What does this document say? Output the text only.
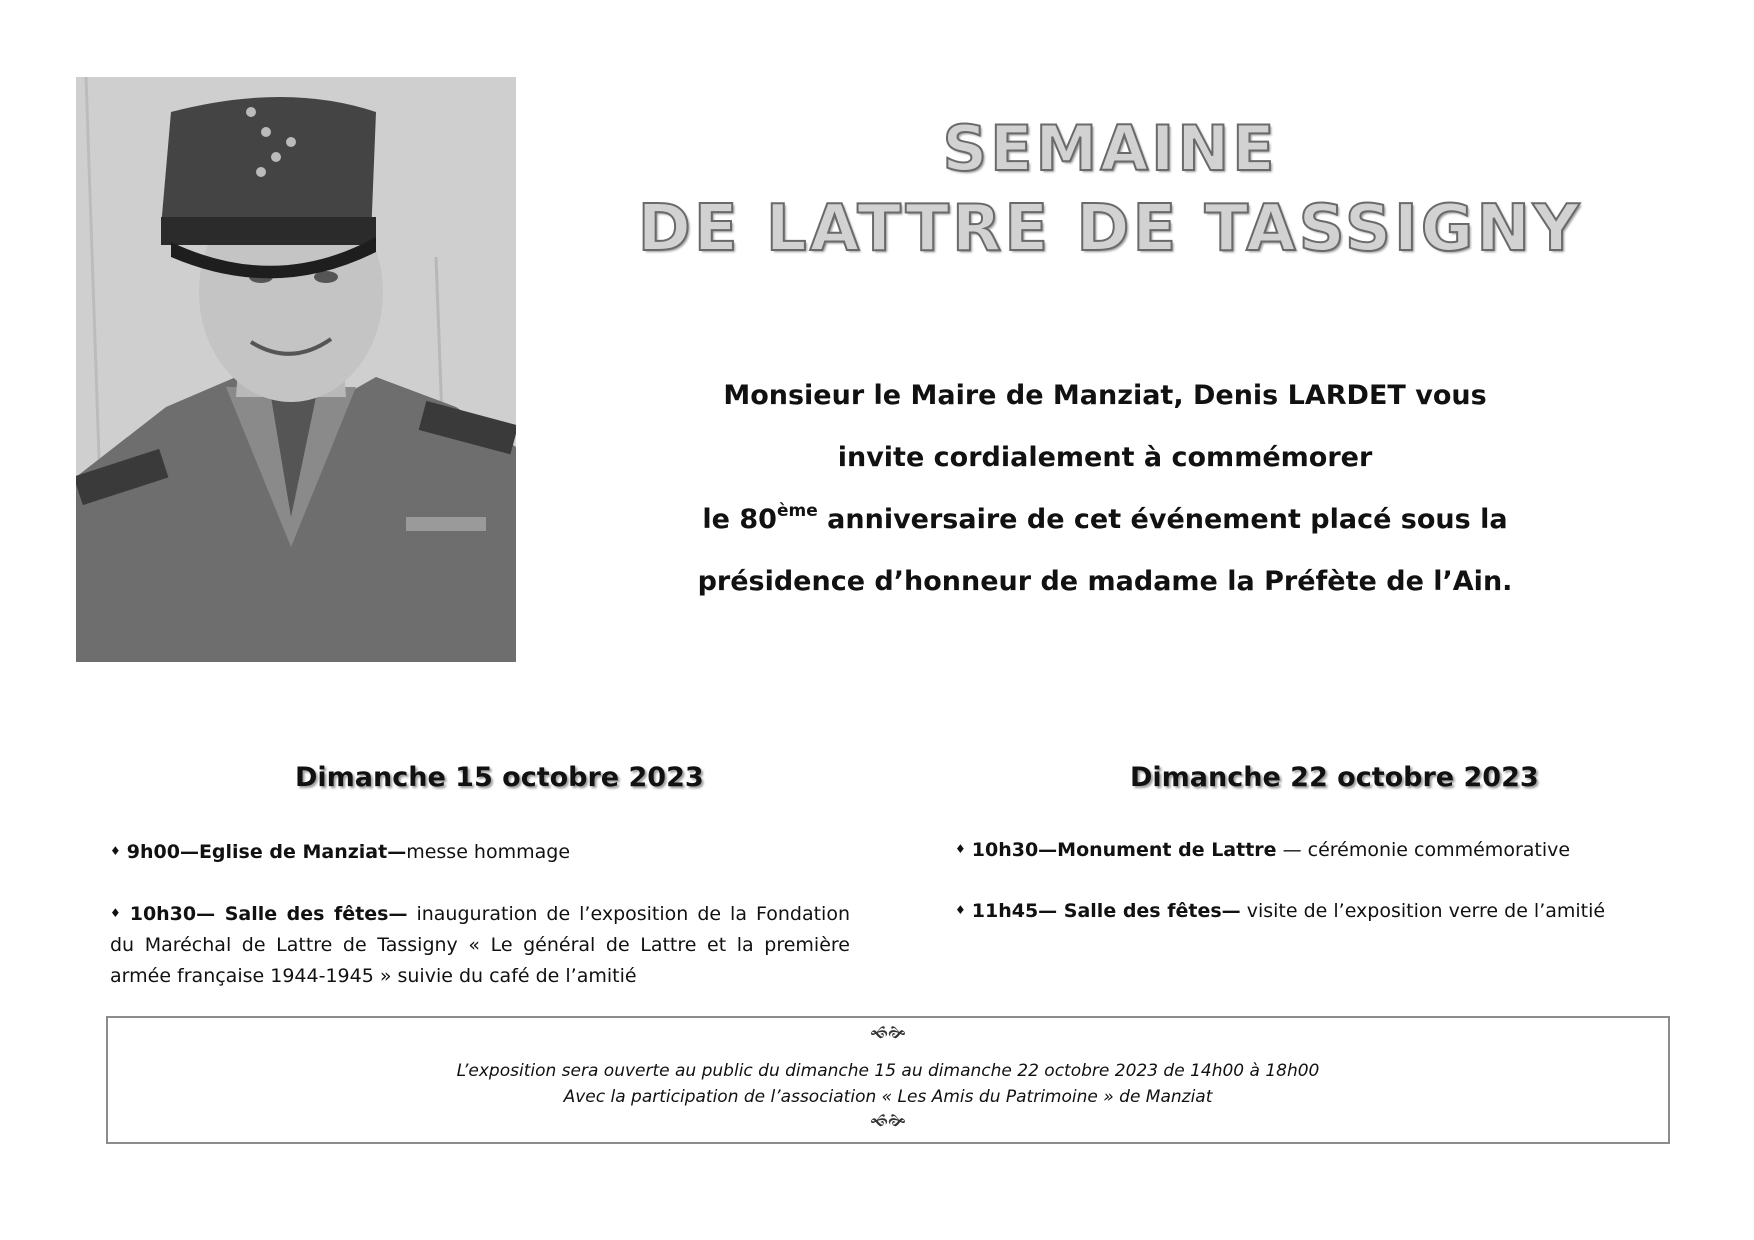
SEMAINE
DE LATTRE DE TASSIGNY
Monsieur le Maire de Manziat, Denis LARDET vous
invite cordialement à commémorer
le 80ème anniversaire de cet événement placé sous la
présidence d’honneur de madame la Préfète de l’Ain.
Dimanche 15 octobre 2023	Dimanche 22 octobre 2023
♦ 9h00—Eglise de Manziat—messe hommage
♦ 10h30— Salle des fêtes— inauguration de l’exposition de la Fondation du Maréchal de Lattre de Tassigny « Le général de Lattre et la première armée française 1944-1945 » suivie du café de l’amitié
♦ 10h30—Monument de Lattre — cérémonie commémorative
♦ 11h45— Salle des fêtes— visite de l’exposition verre de l’amitié
🙜🙞
L’exposition sera ouverte au public du dimanche 15 au dimanche 22 octobre 2023 de 14h00 à 18h00
Avec la participation de l’association « Les Amis du Patrimoine » de Manziat
🙜🙞
